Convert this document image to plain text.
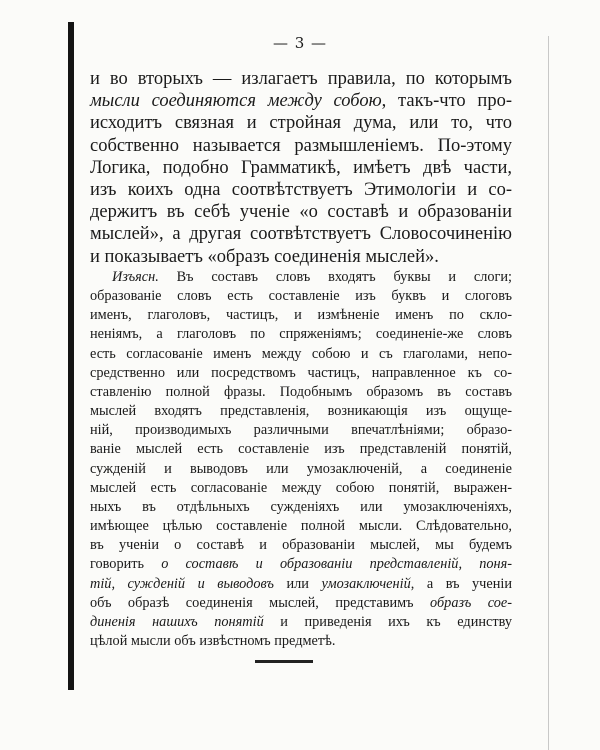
— 3 —
и во вторыхъ — излагаетъ правила, по которымъ
мысли соединяются между собою, такъ-что про-
исходитъ связная и стройная дума, или то, что
собственно называется размышленіемъ. По-этому
Логика, подобно Грамматикѣ, имѣетъ двѣ части,
изъ коихъ одна соотвѣтствуетъ Этимологіи и со-
держитъ въ себѣ ученіе «о составѣ и образованіи
мыслей», а другая соотвѣтствуетъ Словосочиненію
и показываетъ «образъ соединенія мыслей».
Изъясн. Въ составъ словъ входятъ буквы и слоги;
образованіе словъ есть составленіе изъ буквъ и слоговъ
именъ, глаголовъ, частицъ, и измѣненіе именъ по скло-
неніямъ, а глаголовъ по спряженіямъ; соединеніе-же словъ
есть согласованіе именъ между собою и съ глаголами, непо-
средственно или посредствомъ частицъ, направленное къ со-
ставленію полной фразы. Подобнымъ образомъ въ составъ
мыслей входятъ представленія, возникающія изъ ощуще-
ній, производимыхъ различными впечатлѣніями; образо-
ваніе мыслей есть составленіе изъ представленій понятій,
сужденій и выводовъ или умозаключеній, а соединеніе
мыслей есть согласованіе между собою понятій, выражен-
ныхъ въ отдѣльныхъ сужденіяхъ или умозаключеніяхъ,
имѣющее цѣлью составленіе полной мысли. Слѣдовательно,
въ ученіи о составѣ и образованіи мыслей, мы будемъ
говорить о составѣ и образованіи представленій, поня-
тій, сужденій и выводовъ или умозаключеній, а въ ученіи
объ образѣ соединенія мыслей, представимъ образъ сое-
диненія нашихъ понятій и приведенія ихъ къ единству
цѣлой мысли объ извѣстномъ предметѣ.
